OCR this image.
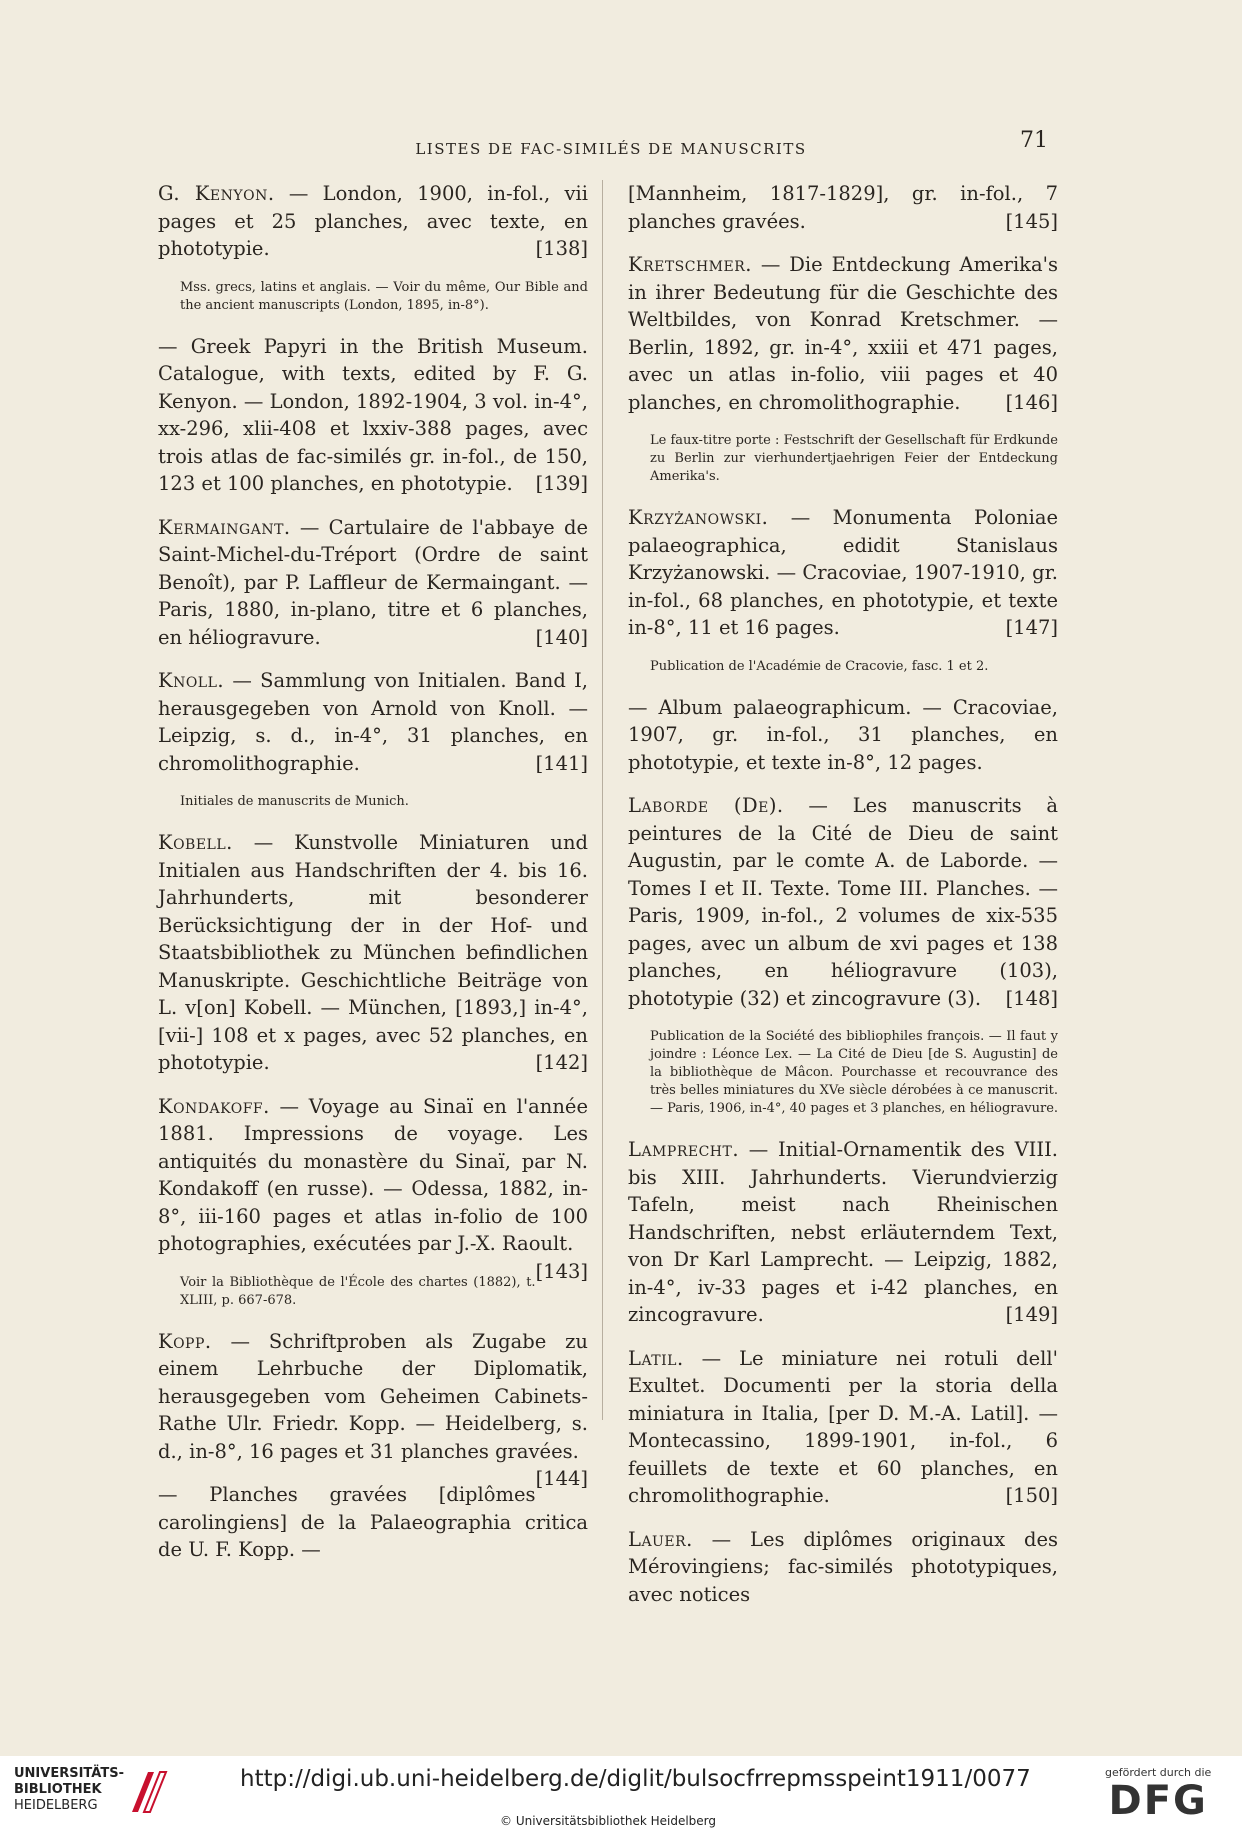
LISTES DE FAC-SIMILÉS DE MANUSCRITS	71
G. Kenyon. — London, 1900, in-fol., vii pages et 25 planches, avec texte, en phototypie.	[138]
Mss. grecs, latins et anglais. — Voir du même, Our Bible and the ancient manuscripts (London, 1895, in-8°).
— Greek Papyri in the British Museum. Catalogue, with texts, edited by F. G. Kenyon. — London, 1892-1904, 3 vol. in-4°, xx-296, xlii-408 et lxxiv-388 pages, avec trois atlas de fac-similés gr. in-fol., de 150, 123 et 100 planches, en phototypie. [139]
Kermaingant. — Cartulaire de l'abbaye de Saint-Michel-du-Tréport (Ordre de saint Benoît), par P. Laffleur de Kermaingant. — Paris, 1880, in-plano, titre et 6 planches, en héliogravure.	[140]
Knoll. — Sammlung von Initialen. Band I, herausgegeben von Arnold von Knoll. — Leipzig, s. d., in-4°, 31 planches, en chromolithographie.	[141]
Initiales de manuscrits de Munich.
Kobell. — Kunstvolle Miniaturen und Initialen aus Handschriften der 4. bis 16. Jahrhunderts, mit besonderer Berücksichtigung der in der Hof- und Staatsbibliothek zu München befindlichen Manuskripte. Geschichtliche Beiträge von L. v[on] Kobell. — München, [1893,] in-4°, [vii-] 108 et x pages, avec 52 planches, en phototypie.	[142]
Kondakoff. — Voyage au Sinaï en l'année 1881. Impressions de voyage. Les antiquités du monastère du Sinaï, par N. Kondakoff (en russe). — Odessa, 1882, in-8°, iii-160 pages et atlas in-folio de 100 photographies, exécutées par J.-X. Raoult.
[143]
Voir la Bibliothèque de l'École des chartes (1882), t. XLIII, p. 667-678.
Kopp. — Schriftproben als Zugabe zu einem Lehrbuche der Diplomatik, herausgegeben vom Geheimen Cabinets-Rathe Ulr. Friedr. Kopp. — Heidelberg, s. d., in-8°, 16 pages et 31 planches gravées.
[144]
— Planches gravées [diplômes carolingiens] de la Palaeographia critica de U. F. Kopp. —
[Mannheim, 1817-1829], gr. in-fol., 7 planches gravées.	[145]
Kretschmer. — Die Entdeckung Amerika's in ihrer Bedeutung für die Geschichte des Weltbildes, von Konrad Kretschmer. — Berlin, 1892, gr. in-4°, xxiii et 471 pages, avec un atlas in-folio, viii pages et 40 planches, en chromolithographie. [146]
Le faux-titre porte : Festschrift der Gesellschaft für Erdkunde zu Berlin zur vierhundertjaehrigen Feier der Entdeckung Amerika's.
Krzyżanowski. — Monumenta Poloniae palaeographica, edidit Stanislaus Krzyżanowski. — Cracoviae, 1907-1910, gr. in-fol., 68 planches, en phototypie, et texte in-8°, 11 et 16 pages.	[147]
Publication de l'Académie de Cracovie, fasc. 1 et 2.
— Album palaeographicum. — Cracoviae, 1907, gr. in-fol., 31 planches, en phototypie, et texte in-8°, 12 pages.
Laborde (De). — Les manuscrits à peintures de la Cité de Dieu de saint Augustin, par le comte A. de Laborde. — Tomes I et II. Texte. Tome III. Planches. — Paris, 1909, in-fol., 2 volumes de xix-535 pages, avec un album de xvi pages et 138 planches, en héliogravure (103), phototypie (32) et zincogravure (3). [148]
Publication de la Société des bibliophiles françois. — Il faut y joindre : Léonce Lex. — La Cité de Dieu [de S. Augustin] de la bibliothèque de Mâcon. Pourchasse et recouvrance des très belles miniatures du XVe siècle dérobées à ce manuscrit. — Paris, 1906, in-4°, 40 pages et 3 planches, en héliogravure.
Lamprecht. — Initial-Ornamentik des VIII. bis XIII. Jahrhunderts. Vierundvierzig Tafeln, meist nach Rheinischen Handschriften, nebst erläuterndem Text, von Dr Karl Lamprecht. — Leipzig, 1882, in-4°, iv-33 pages et i-42 planches, en zincogravure.	[149]
Latil. — Le miniature nei rotuli dell' Exultet. Documenti per la storia della miniatura in Italia, [per D. M.-A. Latil]. — Montecassino, 1899-1901, in-fol., 6 feuillets de texte et 60 planches, en chromolithographie.	[150]
Lauer. — Les diplômes originaux des Mérovingiens; fac-similés phototypiques, avec notices
UNIVERSITÄTS-
BIBLIOTHEK
HEIDELBERG
http://digi.ub.uni-heidelberg.de/diglit/bulsocfrrepmsspeint1911/0077
© Universitätsbibliothek Heidelberg
gefördert durch die
DFG
